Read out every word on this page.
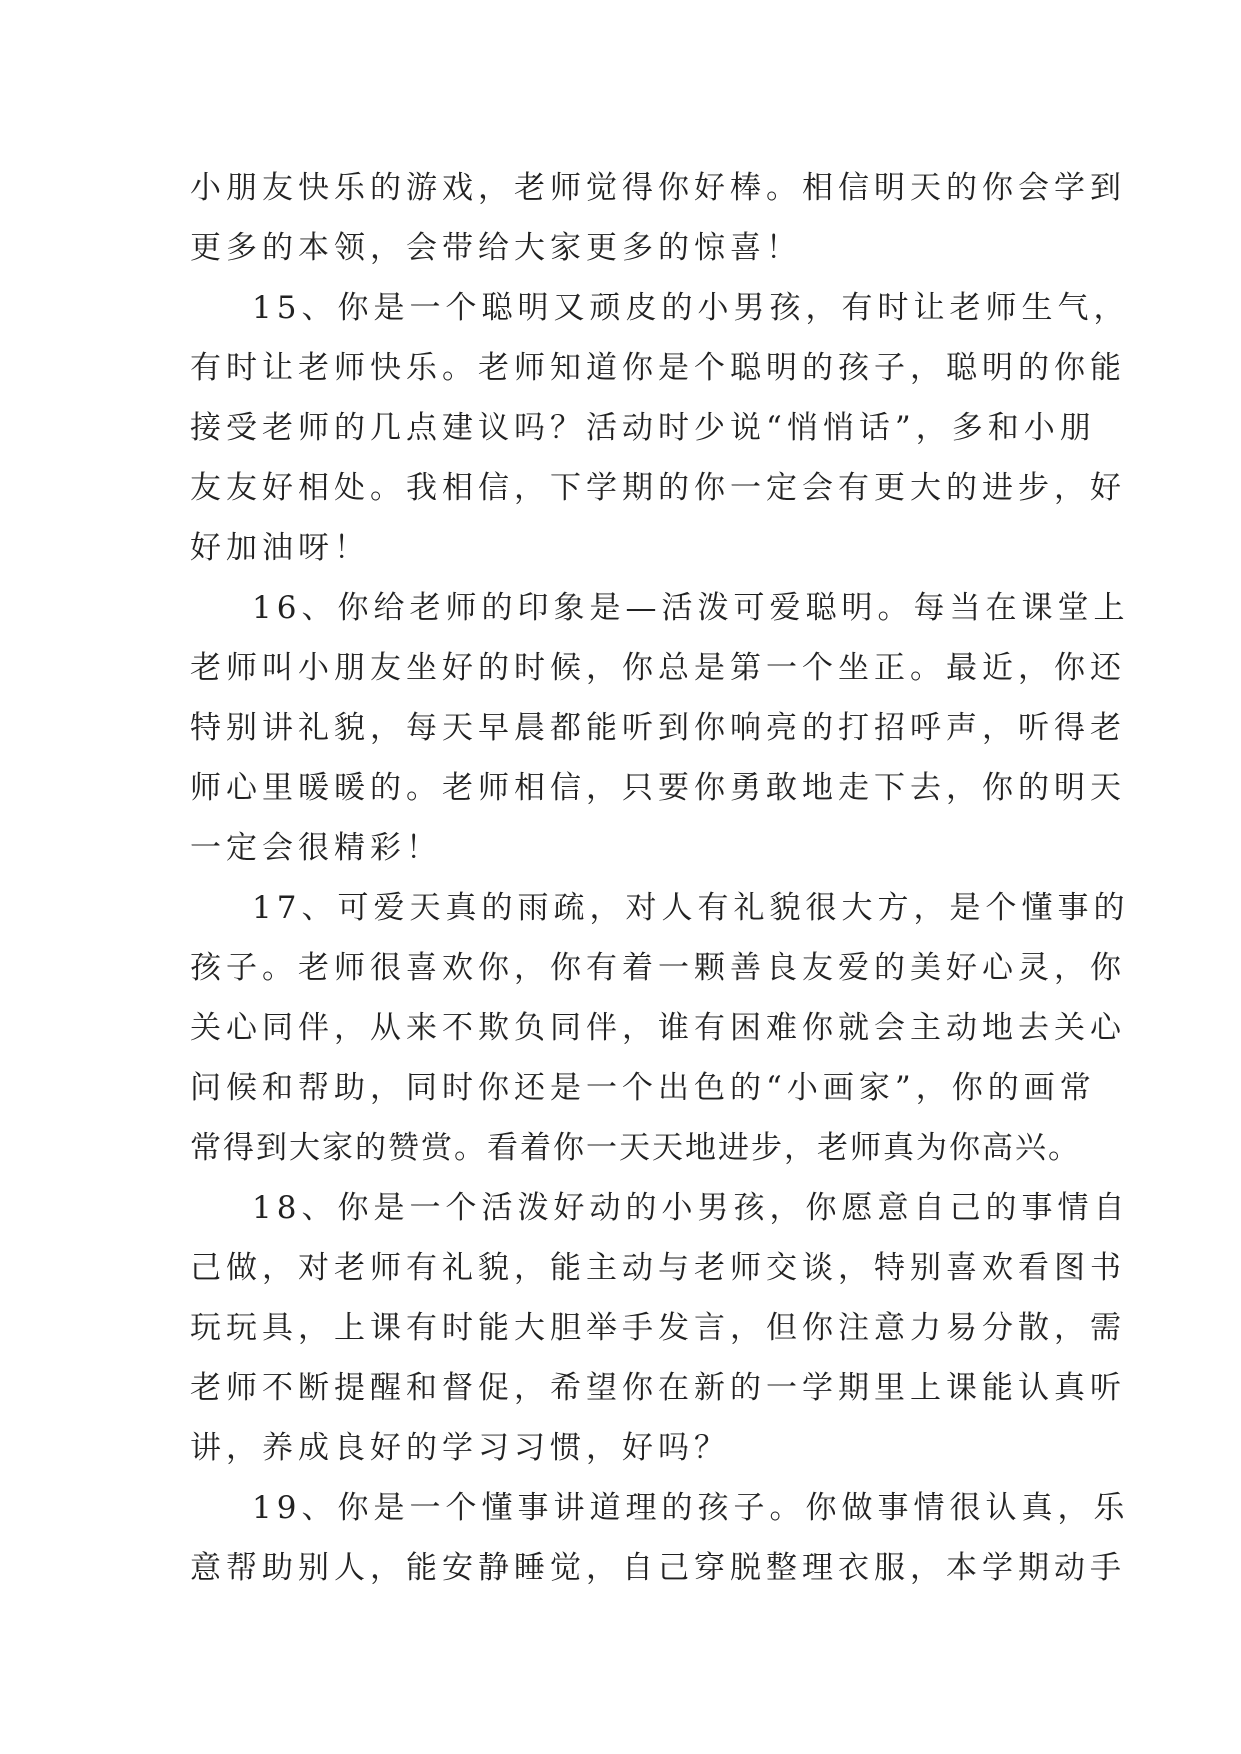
小朋友快乐的游戏，老师觉得你好棒。相信明天的你会学到
更多的本领，会带给大家更多的惊喜！
15、你是一个聪明又顽皮的小男孩，有时让老师生气，
有时让老师快乐。老师知道你是个聪明的孩子，聪明的你能
接受老师的几点建议吗？活动时少说“悄悄话”，多和小朋
友友好相处。我相信，下学期的你一定会有更大的进步，好
好加油呀！
16、你给老师的印象是—活泼可爱聪明。每当在课堂上
老师叫小朋友坐好的时候，你总是第一个坐正。最近，你还
特别讲礼貌，每天早晨都能听到你响亮的打招呼声，听得老
师心里暖暖的。老师相信，只要你勇敢地走下去，你的明天
一定会很精彩！
17、可爱天真的雨疏，对人有礼貌很大方，是个懂事的
孩子。老师很喜欢你，你有着一颗善良友爱的美好心灵，你
关心同伴，从来不欺负同伴，谁有困难你就会主动地去关心
问候和帮助，同时你还是一个出色的“小画家”，你的画常
常得到大家的赞赏。看着你一天天地进步，老师真为你高兴。
18、你是一个活泼好动的小男孩，你愿意自己的事情自
己做，对老师有礼貌，能主动与老师交谈，特别喜欢看图书
玩玩具，上课有时能大胆举手发言，但你注意力易分散，需
老师不断提醒和督促，希望你在新的一学期里上课能认真听
讲，养成良好的学习习惯，好吗？
19、你是一个懂事讲道理的孩子。你做事情很认真，乐
意帮助别人，能安静睡觉，自己穿脱整理衣服，本学期动手
